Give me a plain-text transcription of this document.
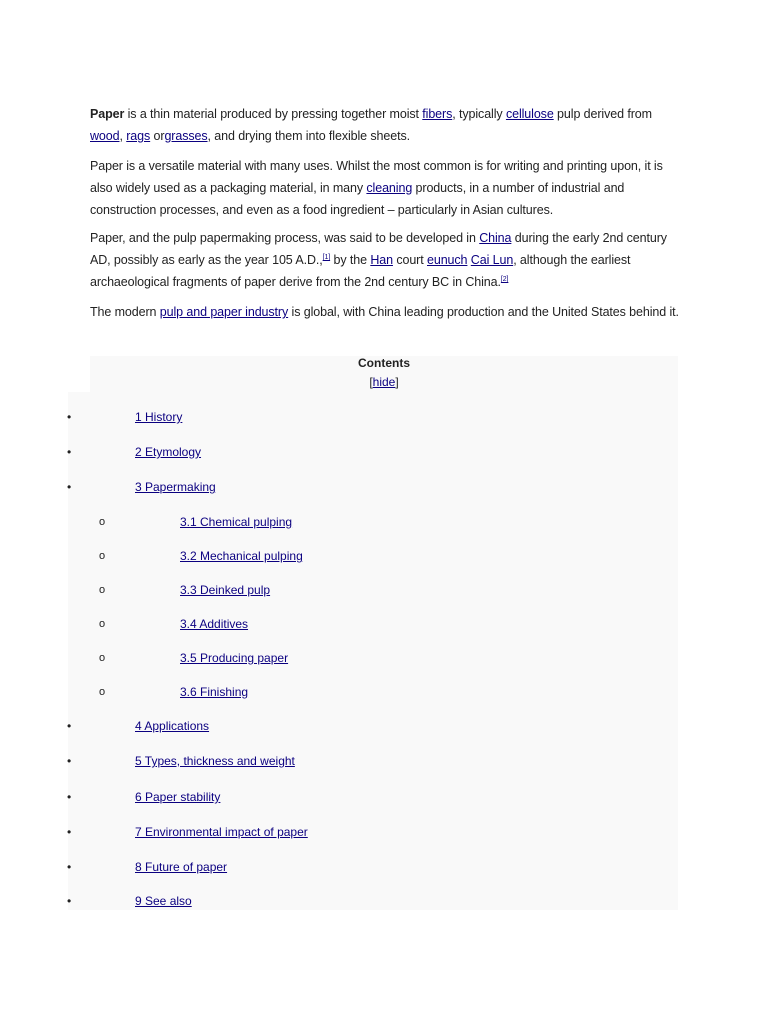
Paper is a thin material produced by pressing together moist fibers, typically cellulose pulp derived from wood, rags orgrasses, and drying them into flexible sheets.

Paper is a versatile material with many uses. Whilst the most common is for writing and printing upon, it is also widely used as a packaging material, in many cleaning products, in a number of industrial and construction processes, and even as a food ingredient – particularly in Asian cultures.

Paper, and the pulp papermaking process, was said to be developed in China during the early 2nd century AD, possibly as early as the year 105 A.D.,[1] by the Han court eunuch Cai Lun, although the earliest archaeological fragments of paper derive from the 2nd century BC in China.[2]

The modern pulp and paper industry is global, with China leading production and the United States behind it.

Contents
[hide]
•	1 History
•	2 Etymology
•	3 Papermaking
o	3.1 Chemical pulping
o	3.2 Mechanical pulping
o	3.3 Deinked pulp
o	3.4 Additives
o	3.5 Producing paper
o	3.6 Finishing
•	4 Applications
•	5 Types, thickness and weight
•	6 Paper stability
•	7 Environmental impact of paper
•	8 Future of paper
•	9 See also
